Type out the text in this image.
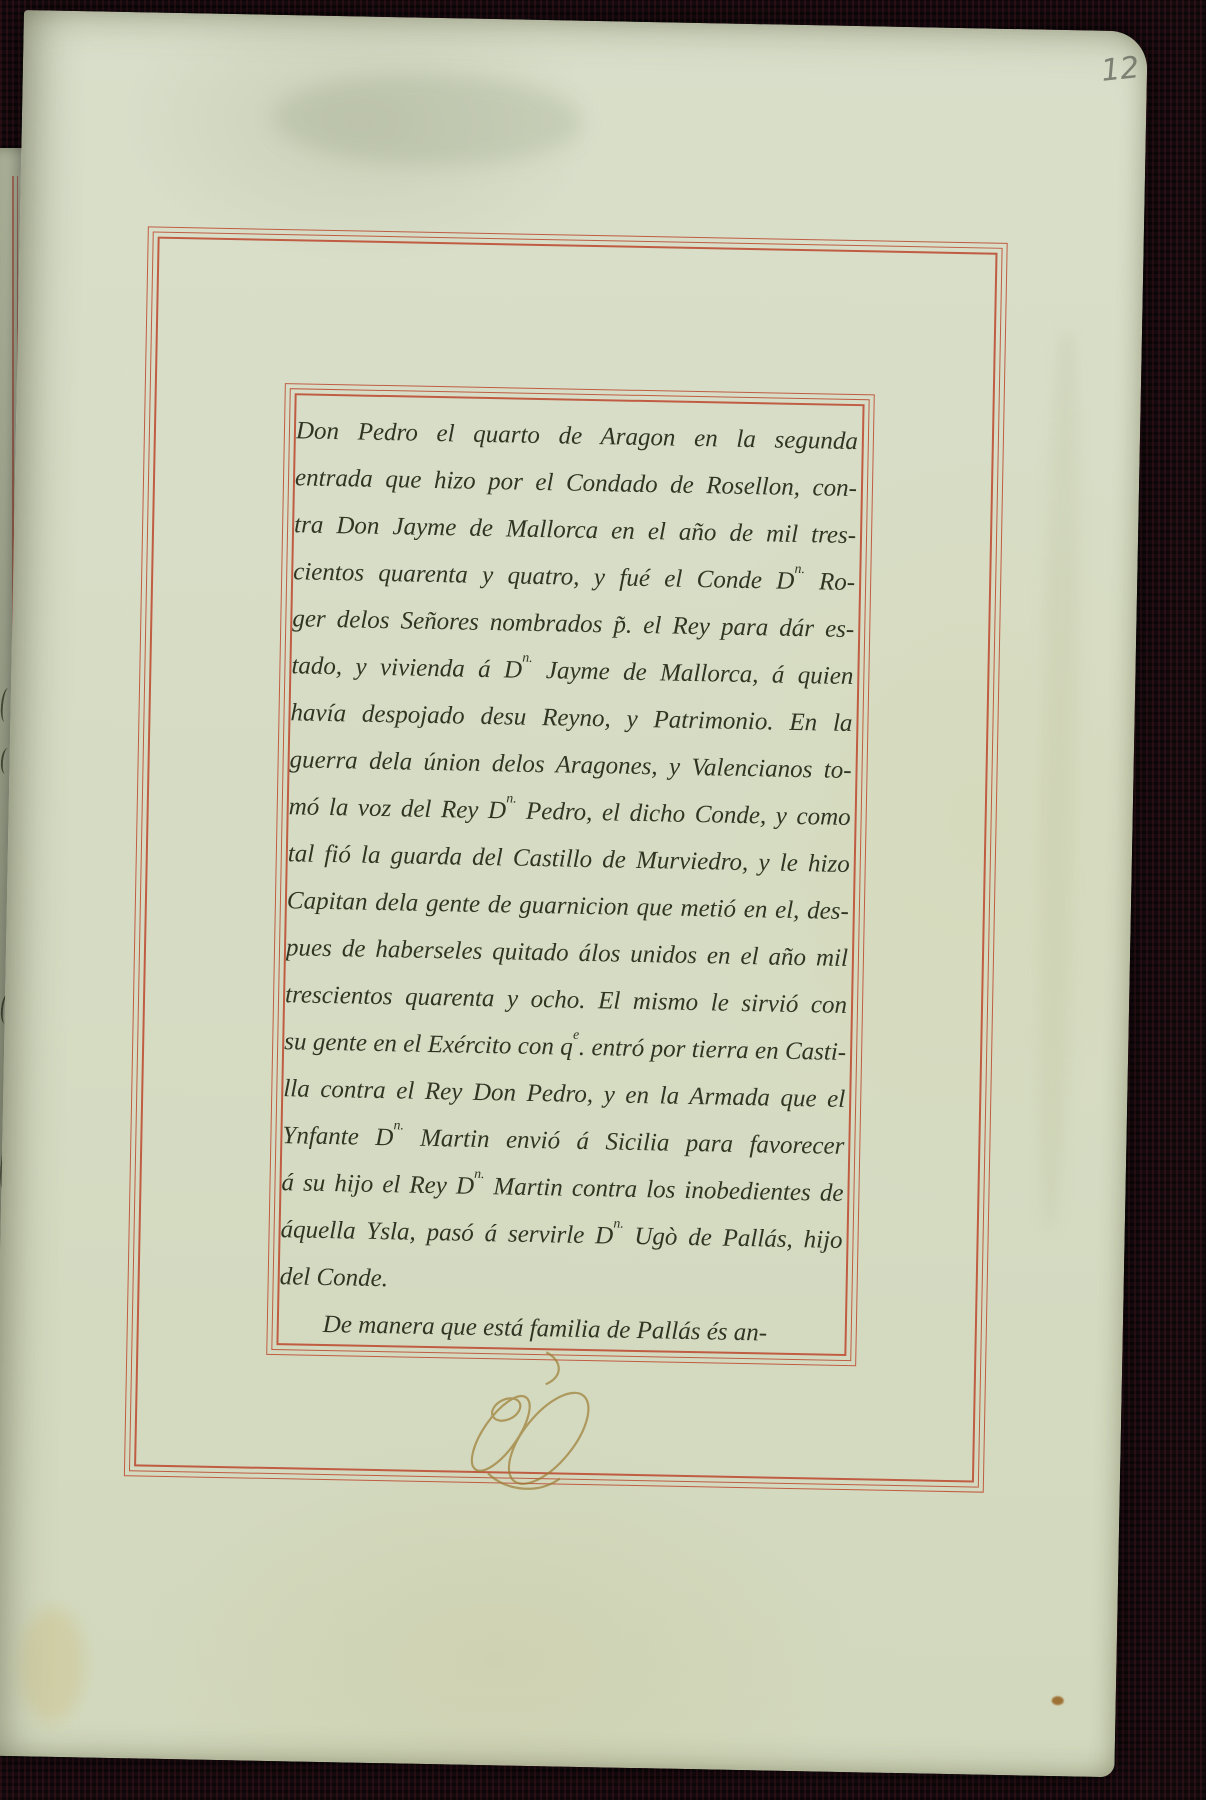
12
Don Pedro el quarto de Aragon en la segunda
entrada que hizo por el Condado de Rosellon, con-
tra Don Jayme de Mallorca en el año de mil tres-
cientos quarenta y quatro, y fué el Conde $D^{n.}$ Ro-
ger delos Señores nombrados p̃. el Rey para dár es-
tado, y vivienda á $D^{n.}$ Jayme de Mallorca, á quien
havía despojado desu Reyno, y Patrimonio. En la
guerra dela únion delos Aragones, y Valencianos to-
mó la voz del Rey $D^{n.}$ Pedro, el dicho Conde, y como
tal fió la guarda del Castillo de Murviedro, y le hizo
Capitan dela gente de guarnicion que metió en el, des-
pues de haberseles quitado álos unidos en el año mil
trescientos quarenta y ocho. El mismo le sirvió con
su gente en el Exército con $q^e$. entró por tierra en Casti-
lla contra el Rey Don Pedro, y en la Armada que el
Ynfante $D^{n.}$ Martin envió á Sicilia para favorecer
á su hijo el Rey $D^{n.}$ Martin contra los inobedientes de
áquella Ysla, pasó á servirle $D^{n.}$ Ugò de Pallás, hijo
del Conde.
De manera que está familia de Pallás és an-
